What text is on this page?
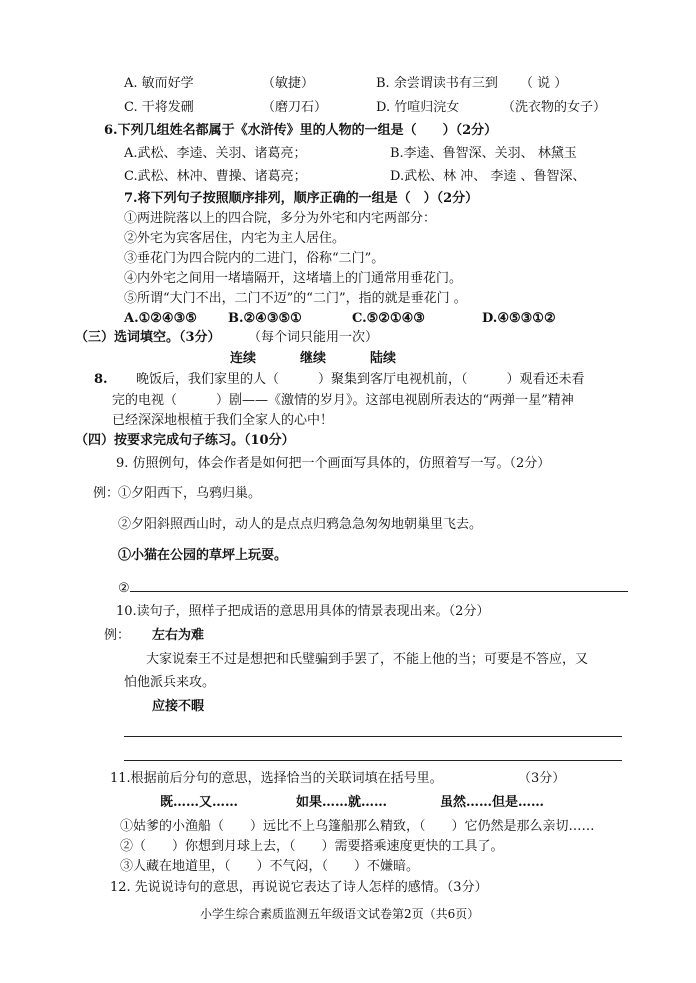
A. 敏而好学	（敏捷）	B. 余尝谓读书有三到 （ 说 ）
C. 干将发硎	（磨刀石）	D. 竹喧归浣女	（洗衣物的女子）
6.下列几组姓名都属于《水浒传》里的人物的一组是（　　）（2分）
A.武松、李逵、关羽、诸葛亮；	B.李逵、鲁智深、关羽、 林黛玉
C.武松、林冲、曹操、诸葛亮；	D.武松、林 冲、 李逵 、鲁智深、
7.将下列句子按照顺序排列，顺序正确的一组是（　）（2分）
①两进院落以上的四合院，多分为外宅和内宅两部分：
②外宅为宾客居住，内宅为主人居住。
③垂花门为四合院内的二进门，俗称“二门”。
④内外宅之间用一堵墙隔开，这堵墙上的门通常用垂花门。
⑤所谓“大门不出，二门不迈”的“二门”，指的就是垂花门 。
A.①②④③⑤ B.②④③⑤①	C.⑤②①④③	D.④⑤③①②
（三）选词填空。（3分） （每个词只能用一次）
连续	继续	陆续
8. 晚饭后，我们家里的人（　　　）聚集到客厅电视机前，（　　　）观看还未看
完的电视（　　　）剧——《激情的岁月》。这部电视剧所表达的“两弹一星”精神
已经深深地根植于我们全家人的心中！
（四）按要求完成句子练习。（10分）
9. 仿照例句，体会作者是如何把一个画面写具体的，仿照着写一写。（2分）
例：
①夕阳西下，乌鸦归巢。
②夕阳斜照西山时，动人的是点点归鸦急急匆匆地朝巢里飞去。
①小猫在公园的草坪上玩耍。
②
10.读句子，照样子把成语的意思用具体的情景表现出来。（2分）
例： 左右为难
大家说秦王不过是想把和氏璧骗到手罢了，不能上他的当；可要是不答应，又
怕他派兵来攻。
应接不暇
11.根据前后分句的意思，选择恰当的关联词填在括号里。	（3分）
既……又……	如果……就……	虽然……但是……
①姑爹的小渔船（　　）远比不上乌篷船那么精致，（　　）它仍然是那么亲切……
②（　　）你想到月球上去，（　　）需要搭乘速度更快的工具了。
③人藏在地道里，（　　）不气闷，（　　）不嫌暗。
12. 先说说诗句的意思，再说说它表达了诗人怎样的感情。（3分）
小学生综合素质监测五年级语文试卷第2页（共6页）
